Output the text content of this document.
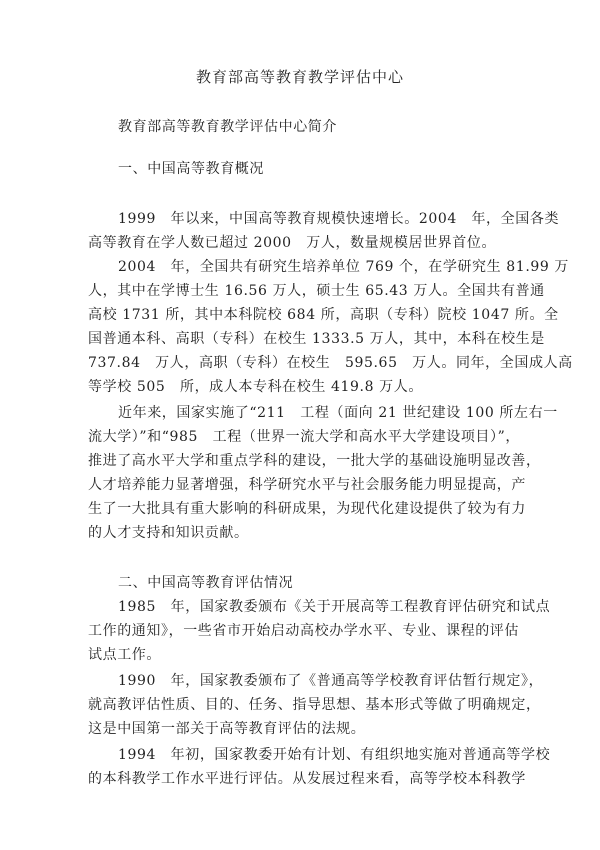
教育部高等教育教学评估中心
教育部高等教育教学评估中心简介
一、中国高等教育概况
1999　年以来，中国高等教育规模快速增长。2004　年，全国各类
高等教育在学人数已超过 2000　万人，数量规模居世界首位。
2004　年，全国共有研究生培养单位 769 个，在学研究生 81.99 万
人，其中在学博士生 16.56 万人，硕士生 65.43 万人。全国共有普通
高校 1731 所，其中本科院校 684 所，高职（专科）院校 1047 所。全
国普通本科、高职（专科）在校生 1333.5 万人，其中，本科在校生是
737.84　万人，高职（专科）在校生　595.65　万人。同年，全国成人高
等学校 505　所，成人本专科在校生 419.8 万人。
近年来，国家实施了“211　工程（面向 21 世纪建设 100 所左右一
流大学）”和“985　工程（世界一流大学和高水平大学建设项目）”，
推进了高水平大学和重点学科的建设，一批大学的基础设施明显改善，
人才培养能力显著增强，科学研究水平与社会服务能力明显提高，产
生了一大批具有重大影响的科研成果，为现代化建设提供了较为有力
的人才支持和知识贡献。
二、中国高等教育评估情况
1985　年，国家教委颁布《关于开展高等工程教育评估研究和试点
工作的通知》，一些省市开始启动高校办学水平、专业、课程的评估
试点工作。
1990　年，国家教委颁布了《普通高等学校教育评估暂行规定》，
就高教评估性质、目的、任务、指导思想、基本形式等做了明确规定，
这是中国第一部关于高等教育评估的法规。
1994　年初，国家教委开始有计划、有组织地实施对普通高等学校
的本科教学工作水平进行评估。从发展过程来看，高等学校本科教学
